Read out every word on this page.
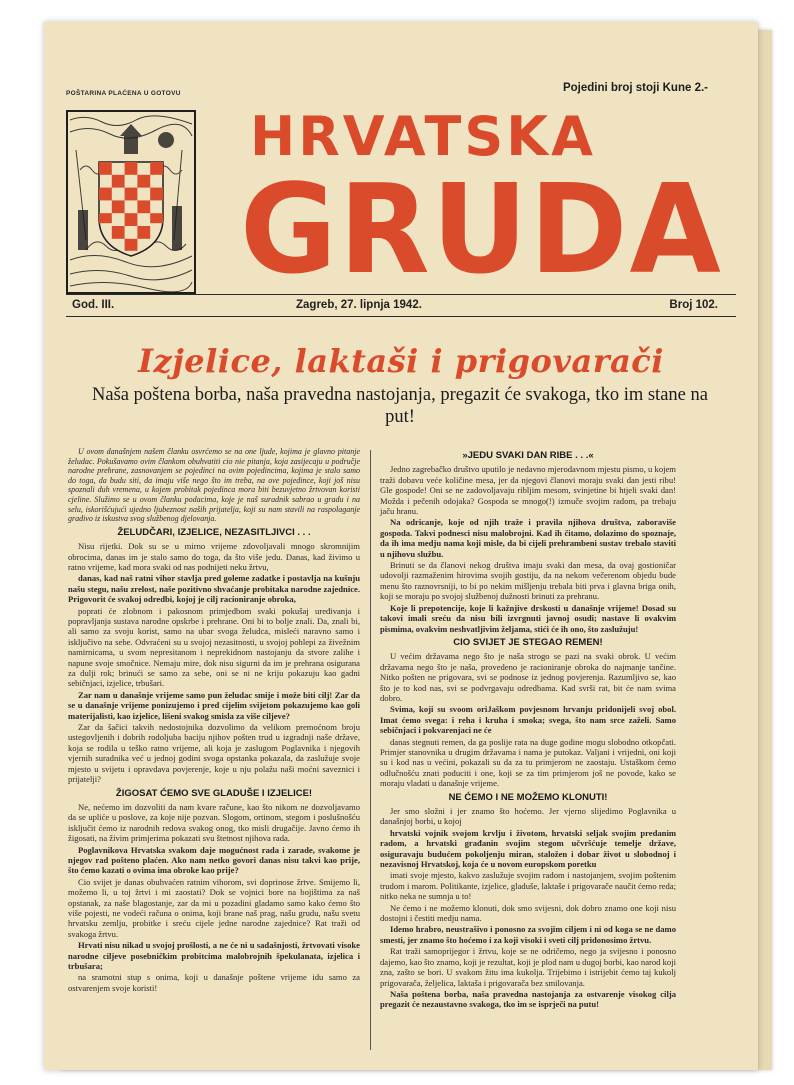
POŠTARINA PLAĆENA U GOTOVU	Pojedini broj stoji Kune 2.-
HRVATSKA
GRUDA
God. III.	Zagreb, 27. lipnja 1942.	Broj 102.
Izjelice, laktaši i prigovarači
Naša poštena borba, naša pravedna nastojanja, pregazit će svakoga, tko im stane na put!

U ovom današnjem našem članku osvrćemo se na one ljude, kojima je glavno pitanje želudac. Pokušavamo ovim člankom obuhvatiti cio nie pitanja, koja zasijecaju u područje narodne prehrane, zasnovanjem se pojedinci na ovim pojedincima, kojima je stalo samo do toga, da budu siti, da imaju više nego što im treba, na ove pojedince, koji još nisu spoznali duh vremena, u kojem probitak pojedinca mora biti bezuvjetno žrtvovan koristi cjeline. Služimo se u ovom članku podacima, koje je naš suradnik sabrao u gradu i na selu, iskorišćujući ujedno ljubeznost naših prijatelja, koji su nam stavili na raspolaganje gradivo iz iskustva svog službenog djelovanja.

ŽELUDČARI, IZJELICE, NEZASITLJIVCI . . .

Nisu rijetki. Dok su se u mirno vrijeme zdovoljavali mnogo skromnijim obrocima, danas im je stalo samo do toga, da što više jedu. Danas, kad živimo u ratno vrijeme, kad mora svaki od nas podnijeti neku žrtvu,

danas, kad naš ratni vihor stavlja pred goleme zadatke i postavlja na kušnju našu stegu, našu zrelost, naše pozitivno shvaćanje probitaka narodne zajednice. Prigovorit će svakoj odredbi, kojoj je cilj racioniranje obroka,

poprati će zlobnom i pakosnom primjedbom svaki pokušaj uređivanja i popravljanja sustava narodne opskrbe i prehrane. Oni bi to bolje znali. Da, znali bi, ali samo za svoju korist, samo na ubar svoga želudca, misleći naravno samo i isključivo na sebe. Odvraćeni su u svojoj nezasitnosti, u svojoj pohlepi za živežnim namirnicama, u svom nepresitanom i neprekidnom nastojanju da stvore zalihe i napune svoje smočnice. Nemaju mire, dok nisu sigurni da im je prehrana osigurana za dulji rok; brinući se samo za sebe, oni se ni ne kriju pokazuju kao gadni sebičnjaci, izjelice, trbušari.

Zar nam u današnje vrijeme samo pun želudac smije i može biti cilj! Zar da se u današnje vrijeme ponizujemo i pred cijelim svijetom pokazujemo kao goli materijalisti, kao izjelice, lišeni svakog smisla za više ciljeve?

Zar da šačici takvih nedostojnika dozvolimo da velikom premoćnom broju ustegovljenih i dobrih rodoljuba baciju njihov pošten trud u izgradnji naše države, koja se rodila u teško ratno vrijeme, ali koja je zaslugom Poglavnika i njegovih vjernih suradnika već u jednoj godini svoga opstanka pokazala, da zaslužuje svoje mjesto u svijetu i opravdava povjerenje, koje u nju polažu naši moćni saveznici i prijatelji?

ŽIGOSAT ĆEMO SVE GLADUŠE I IZJELICE!

Ne, nećemo im dozvoliti da nam kvare račune, kao što nikom ne dozvoljavamo da se upliće u poslove, za koje nije pozvan. Slogom, ortinom, stegom i poslušnošću isključit ćemo iz narodnih redova svakog onog, tko misli drugačije. Javno ćemo ih žigosati, na živim primjerima pokazati svu štetnost njihova rada.

Poglavnikova Hrvatska svakom daje mogućnost rada i zarade, svakome je njegov rad pošteno plaćen. Ako nam netko govori danas nisu takvi kao prije, što ćemo kazati o ovima ima obroke kao prije?

Cio svijet je danas obuhvaćen ratnim vihorom, svi doprinose žrtve. Smijemo li, možemo li, u toj žrtvi i mi zaostati? Dok se vojnici bore na bojištima za naš opstanak, za naše blagostanje, zar da mi u pozadini gladamo samo kako ćemo što više pojesti, ne vodeći računa o onima, koji brane naš prag, našu grudu, našu svetu hrvatsku zemlju, probitke i sreću cijele jedne narodne zajednice? Rat traži od svakoga žrtvu.

Hrvati nisu nikad u svojoj prošlosti, a ne će ni u sadašnjosti, žrtvovati visoke narodne ciljeve posebničkim probitcima malobrojnih špekulanata, izjelica i trbušara;

na sramotni stup s onima, koji u današnje poštene vrijeme idu samo za ostvarenjem svoje koristi!

»JEDU SVAKI DAN RIBE . . .«

Jedno zagrebačko društvo uputilo je nedavno mjerodavnom mjestu pismo, u kojem traži dobavu veće količine mesa, jer da njegovi članovi moraju svaki dan jesti ribu! Gle gospode! Oni se ne zadovoljavaju ribljim mesom, svinjetine bi htjeli svaki dan! Možda i pečenih odojaka? Gospoda se mnogo(!) izmuče svojim radom, pa trebaju jaču hranu.

Na odricanje, koje od njih traže i pravila njihova društva, zaboraviše gospoda. Takvi podnesci nisu malobrojni. Kad ih čitamo, dolazimo do spoznaje, da ih ima medju nama koji misle, da bi cijeli prehrambeni sustav trebalo staviti u njihovu službu.

Brinuti se da članovi nekog društva imaju svaki dan mesa, da ovaj gostioničar udovolji razmaženim hirovima svojih gostiju, da na nekom večerenom objedu bude menu što raznovrsniji, to bi po nekim mišljenju trebala biti prva i glavna briga onih, koji se moraju po svojoj službenoj dužnosti brinuti za prehranu.

Koje li prepotencije, koje li kažnjive drskosti u današnje vrijeme! Dosad su takovi imali sreću da nisu bili izvrgnuti javnoj osudi; nastave li ovakvim pismima, ovakvim neshvatljivim željama, stići će ih ono, što zaslužuju!

CIO SVIJET JE STEGAO REMEN!

U većim državama nego što je naša strogo se pazi na svaki obrok. U većim državama nego što je naša, provedeno je racioniranje obroka do najmanje tančine. Nitko pošten ne prigovara, svi se podnose iz jednog povjerenja. Razumljivo se, kao što je to kod nas, svi se podvrgavaju odredbama. Kad svrši rat, bit će nam svima dobro.

Svima, koji su svoom oriJaškom povjesnom hrvanju pridonijeli svoj obol. Imat ćemo svega: i reha i kruha i smoka; svega, što nam srce zaželi. Samo sebičnjaci i pokvarenjaci ne će

danas stegnuti remen, da ga poslije rata na duge godine mogu slobodno otkopčati. Primjer stanovnika u drugim državama i nama je putokaz. Valjani i vrijedni, oni koji su i kod nas u većini, pokazali su da za tu primjerom ne zaostaju. Ustaškom ćemo odlučnošću znati poduciti i one, koji se za tim primjerom još ne povode, kako se moraju vladati u današnje vrijeme.

NE ĆEMO I NE MOŽEMO KLONUTI!

Jer smo složni i jer znamo što hoćemo. Jer vjerno slijedimo Poglavnika u današnjoj borbi, u kojoj

hrvatski vojnik svojom krvlju i životom, hrvatski seljak svojim predanim radom, a hrvatski građanin svojim stegom učvršćuje temelje države, osiguravaju budućem pokoljenju miran, staložen i dobar život u slobodnoj i nezavisnoj Hrvatskoj, koja će u novom europskom poretku

imati svoje mjesto, kakvo zaslužuje svojim radom i nastojanjem, svojim poštenim trudom i marom. Politikante, izjelice, gladuše, laktaše i prigovarače naučit ćemo reda; nitko neka ne sumnja u to!

Ne ćemo i ne možemo klonuti, dok smo svijesni, dok dobro znamo one koji nisu dostojni i čestiti medju nama.

Idemo hrabro, neustrašivo i ponosno za svojim ciljem i ni od koga se ne damo smesti, jer znamo što hoćemo i za koji visoki i sveti cilj pridonosimo žrtvu.

Rat traži samoprijegor i žrtvu, koje se ne odričemo, nego ja svijesno i ponosno dajemo, kao što znamo, koji je rezultat, koji je plod nam u dugoj borbi, kao narod koji zna, zašto se bori. U svakom žitu ima kukolja. Trijebimo i istrijebit ćemo taj kukolj prigovarača, željelica, laktaša i prigovarača bez smilovanja.

Naša poštena borba, naša pravedna nastojanja za ostvarenje visokog cilja pregazit će nezaustavno svakoga, tko im se isprječi na putu!
